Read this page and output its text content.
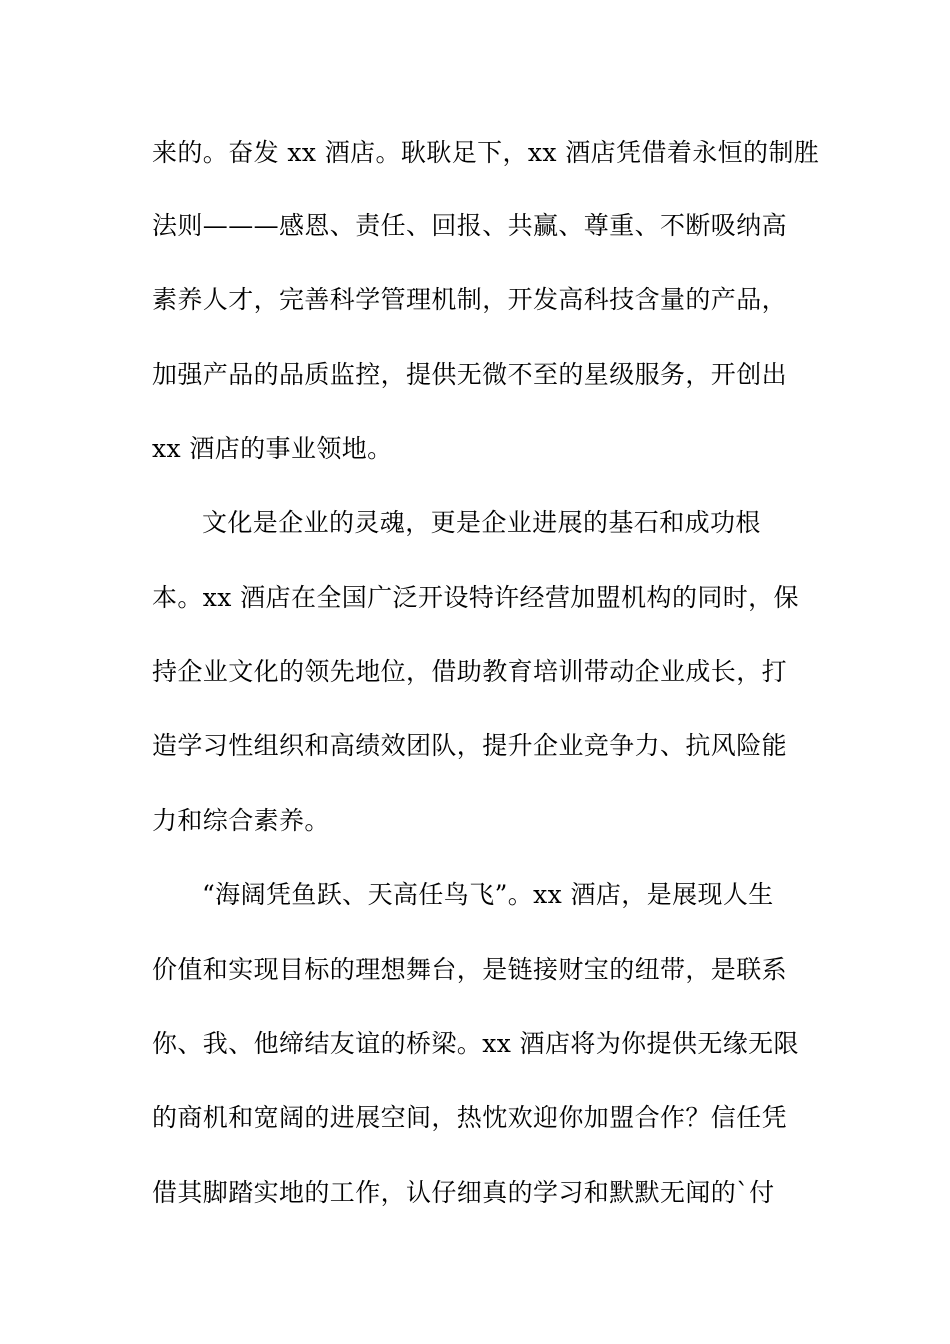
来的。奋发 xx 酒店。耿耿足下，xx 酒店凭借着永恒的制胜
法则———感恩、责任、回报、共赢、尊重、不断吸纳高
素养人才，完善科学管理机制，开发高科技含量的产品，
加强产品的品质监控，提供无微不至的星级服务，开创出
xx 酒店的事业领地。
文化是企业的灵魂，更是企业进展的基石和成功根
本。xx 酒店在全国广泛开设特许经营加盟机构的同时，保
持企业文化的领先地位，借助教育培训带动企业成长，打
造学习性组织和高绩效团队，提升企业竞争力、抗风险能
力和综合素养。
“海阔凭鱼跃、天高任鸟飞”。xx 酒店，是展现人生
价值和实现目标的理想舞台，是链接财宝的纽带，是联系
你、我、他缔结友谊的桥梁。xx 酒店将为你提供无缘无限
的商机和宽阔的进展空间，热忱欢迎你加盟合作？信任凭
借其脚踏实地的工作，认仔细真的学习和默默无闻的`付
